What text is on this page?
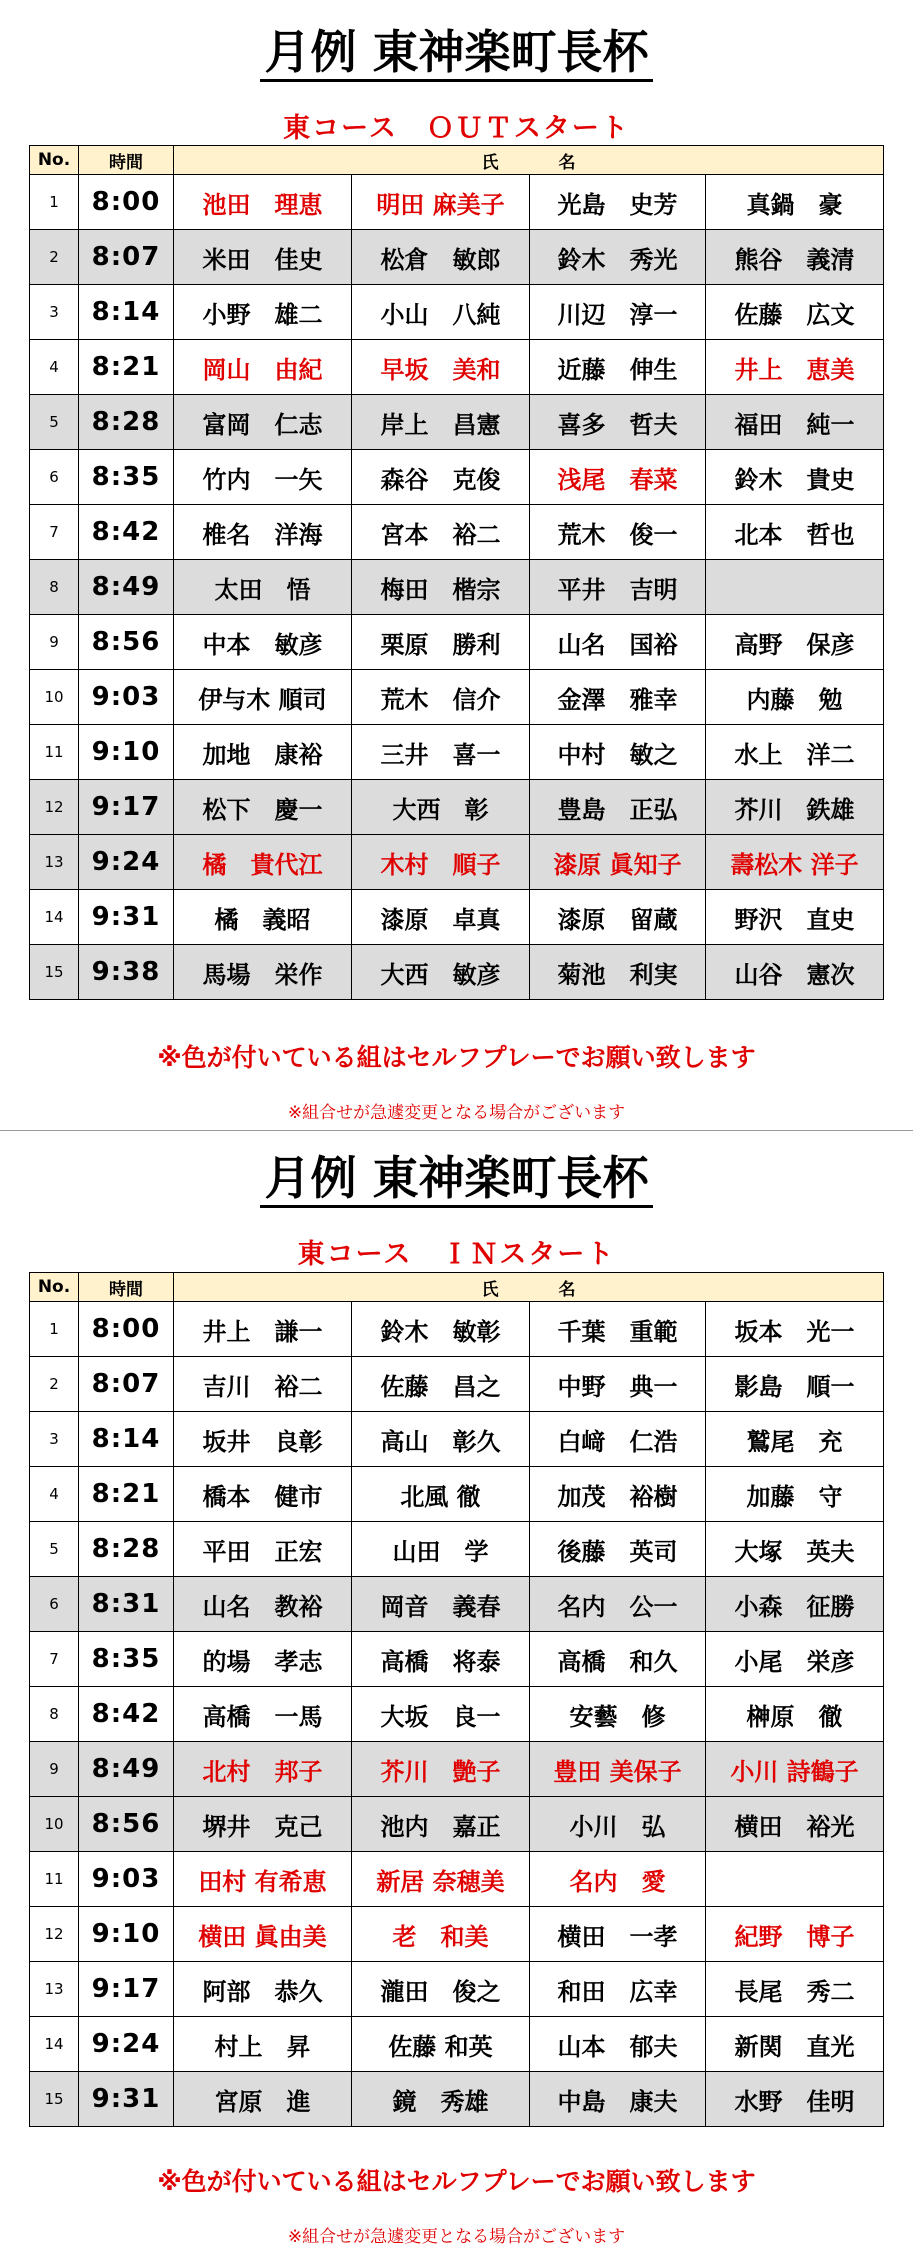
月例 東神楽町長杯
東コース　ＯＵＴスタート
No.	時間	氏名			
1	8:00	池田　理恵	明田 麻美子	光島　史芳	真鍋　豪
2	8:07	米田　佳史	松倉　敏郎	鈴木　秀光	熊谷　義清
3	8:14	小野　雄二	小山　八純	川辺　淳一	佐藤　広文
4	8:21	岡山　由紀	早坂　美和	近藤　伸生	井上　恵美
5	8:28	富岡　仁志	岸上　昌憲	喜多　哲夫	福田　純一
6	8:35	竹内　一矢	森谷　克俊	浅尾　春菜	鈴木　貴史
7	8:42	椎名　洋海	宮本　裕二	荒木　俊一	北本　哲也
8	8:49	太田　悟	梅田　楷宗	平井　吉明	
9	8:56	中本　敏彦	栗原　勝利	山名　国裕	高野　保彦
10	9:03	伊与木 順司	荒木　信介	金澤　雅幸	内藤　勉
11	9:10	加地　康裕	三井　喜一	中村　敏之	水上　洋二
12	9:17	松下　慶一	大西　彰	豊島　正弘	芥川　鉄雄
13	9:24	橘　貴代江	木村　順子	漆原 眞知子	壽松木 洋子
14	9:31	橘　義昭	漆原　卓真	漆原　留蔵	野沢　直史
15	9:38	馬場　栄作	大西　敏彦	菊池　利実	山谷　憲次
※色が付いている組はセルフプレーでお願い致します
※組合せが急遽変更となる場合がございます
月例 東神楽町長杯
東コース　ＩＮスタート
No.	時間	氏名			
1	8:00	井上　謙一	鈴木　敏彰	千葉　重範	坂本　光一
2	8:07	吉川　裕二	佐藤　昌之	中野　典一	影島　順一
3	8:14	坂井　良彰	高山　彰久	白﨑　仁浩	鷲尾　充
4	8:21	橋本　健市	北風 徹	加茂　裕樹	加藤　守
5	8:28	平田　正宏	山田　学	後藤　英司	大塚　英夫
6	8:31	山名　教裕	岡音　義春	名内　公一	小森　征勝
7	8:35	的場　孝志	高橋　将泰	高橋　和久	小尾　栄彦
8	8:42	高橋　一馬	大坂　良一	安藝　修	榊原　徹
9	8:49	北村　邦子	芥川　艶子	豊田 美保子	小川 詩鶴子
10	8:56	堺井　克己	池内　嘉正	小川　弘	横田　裕光
11	9:03	田村 有希恵	新居 奈穂美	名内　愛	
12	9:10	横田 眞由美	老　和美	横田　一孝	紀野　博子
13	9:17	阿部　恭久	瀧田　俊之	和田　広幸	長尾　秀二
14	9:24	村上　昇	佐藤 和英	山本　郁夫	新関　直光
15	9:31	宮原　進	鏡　秀雄	中島　康夫	水野　佳明
※色が付いている組はセルフプレーでお願い致します
※組合せが急遽変更となる場合がございます
